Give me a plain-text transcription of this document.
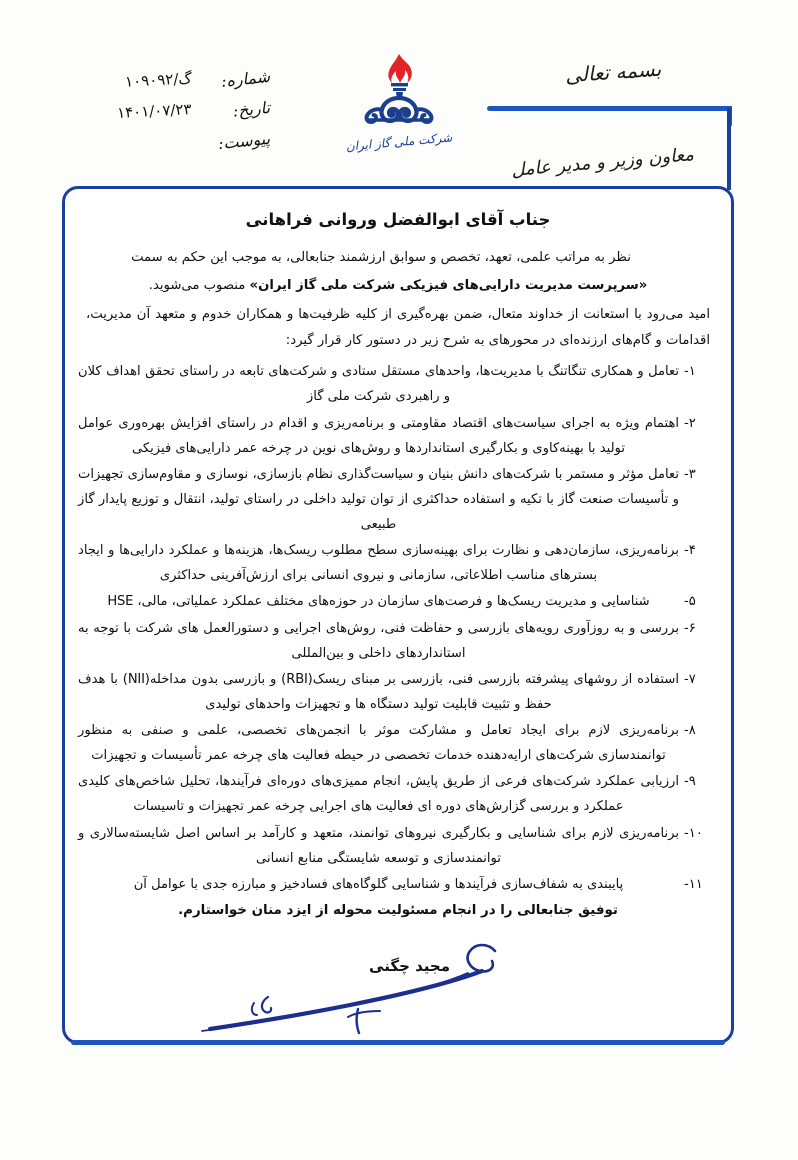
بسمه تعالی
معاون وزیر و مدیر عامل
شرکت ملی گاز ایران
شماره:
گ/۱۰۹۰۹۲
تاریخ:
۱۴۰۱/۰۷/۲۳
پیوست:
جناب آقای ابوالفضل وروانی فراهانی
نظر به مراتب علمی، تعهد، تخصص و سوابق ارزشمند جنابعالی، به موجب این حکم به سمت
«سرپرست مدیریت دارایی‌های فیزیکی شرکت ملی گاز ایران» منصوب می‌شوید.
امید می‌رود با استعانت از خداوند متعال، ضمن بهره‌گیری از کلیه ظرفیت‌ها و همکاران خدوم و متعهد آن مدیریت، اقدامات و گام‌های ارزنده‌ای در محورهای به شرح زیر در دستور کار قرار گیرد:
۱-
تعامل و همکاری تنگاتنگ با مدیریت‌ها، واحدهای مستقل ستادی و شرکت‌های تابعه در راستای تحقق اهداف کلان و راهبردی شرکت ملی گاز
۲-
اهتمام ویژه به اجرای سیاست‌های اقتصاد مقاومتی و برنامه‌ریزی و اقدام در راستای افزایش بهره‌وری عوامل تولید با بهینه‌کاوی و بکارگیری استانداردها و روش‌های نوین در چرخه عمر دارایی‌های فیزیکی
۳-
تعامل مؤثر و مستمر با شرکت‌های دانش بنیان و سیاست‌گذاری نظام بازسازی، نوسازی و مقاوم‌سازی تجهیزات و تأسیسات صنعت گاز با تکیه و استفاده حداکثری از توان تولید داخلی در راستای تولید، انتقال و توزیع پایدار گاز طبیعی
۴-
برنامه‌ریزی، سازمان‌دهی و نظارت برای بهینه‌سازی سطح مطلوب ریسک‌ها، هزینه‌ها و عملکرد دارایی‌ها و ایجاد بسترهای مناسب اطلاعاتی، سازمانی و نیروی انسانی برای ارزش‌آفرینی حداکثری
۵-
شناسایی و مدیریت ریسک‌ها و فرصت‌های سازمان در حوزه‌های مختلف عملکرد عملیاتی، مالی، HSE
۶-
بررسی و به روزآوری رویه‌های بازرسی و حفاظت فنی، روش‌های اجرایی و دستورالعمل های شرکت با توجه به استانداردهای داخلی و بین‌المللی
۷-
استفاده از روشهای پیشرفته بازرسی فنی، بازرسی بر مبنای ریسک(RBI) و بازرسی بدون مداخله(NII) با هدف حفظ و تثبیت قابلیت تولید دستگاه ها و تجهیزات واحدهای تولیدی
۸-
برنامه‌ریزی لازم برای ایجاد تعامل و مشارکت موثر با انجمن‌های تخصصی، علمی و صنفی به منظور توانمندسازی شرکت‌های ارایه‌دهنده خدمات تخصصی در حیطه فعالیت های چرخه عمر تأسیسات و تجهیزات
۹-
ارزیابی عملکرد شرکت‌های فرعی از طریق پایش، انجام ممیزی‌های دوره‌ای فرآیندها، تحلیل شاخص‌های کلیدی عملکرد و بررسی گزارش‌های دوره ای فعالیت های اجرایی چرخه عمر تجهیزات و تاسیسات
۱۰-
برنامه‌ریزی لازم برای شناسایی و بکارگیری نیروهای توانمند، متعهد و کارآمد بر اساس اصل شایسته‌سالاری و توانمندسازی و توسعه شایستگی منابع انسانی
۱۱-
پایبندی به شفاف‌سازی فرآیندها و شناسایی گلوگاه‌های فسادخیز و مبارزه جدی با عوامل آن
توفیق جنابعالی را در انجام مسئولیت محوله از ایزد منان خواستارم.
مجید چگنی
